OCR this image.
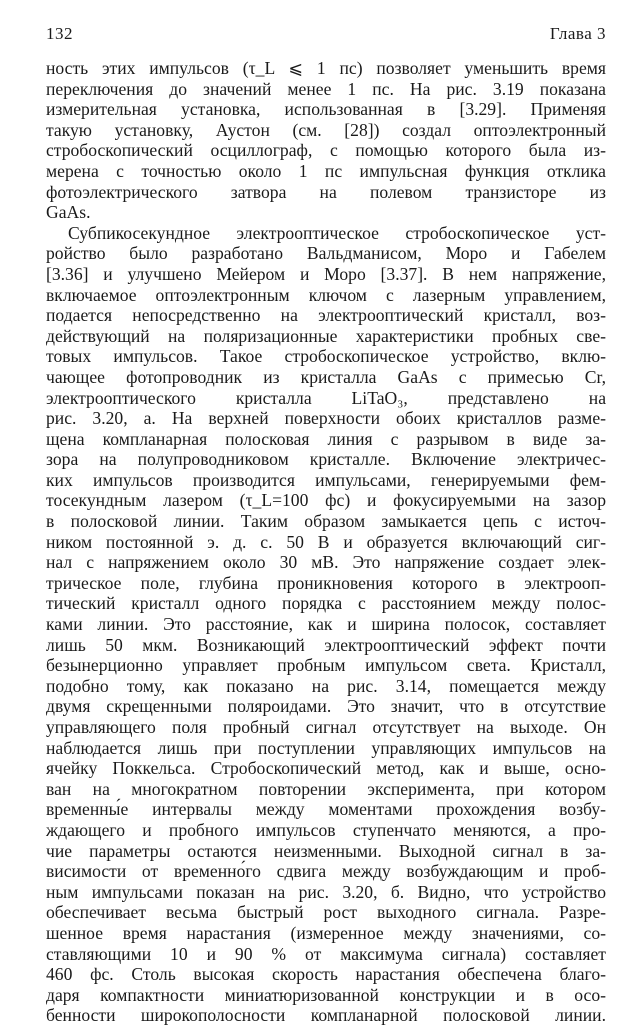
132	Глава 3

ность этих импульсов (τ_L ⩽ 1 пс) позволяет уменьшить время
переключения до значений менее 1 пс. На рис. 3.19 показана
измерительная установка, использованная в [3.29]. Применяя
такую установку, Аустон (см. [28]) создал оптоэлектронный
стробоскопический осциллограф, с помощью которого была из-
мерена с точностью около 1 пс импульсная функция отклика
фотоэлектрического затвора на полевом транзисторе из
GaAs.

Субпикосекундное электрооптическое стробоскопическое уст-
ройство было разработано Вальдманисом, Моро и Габелем
[3.36] и улучшено Мейером и Моро [3.37]. В нем напряжение,
включаемое оптоэлектронным ключом с лазерным управлением,
подается непосредственно на электрооптический кристалл, воз-
действующий на поляризационные характеристики пробных све-
товых импульсов. Такое стробоскопическое устройство, вклю-
чающее фотопроводник из кристалла GaAs с примесью Cr,
электрооптического кристалла LiTaO₃, представлено на
рис. 3.20, а. На верхней поверхности обоих кристаллов разме-
щена компланарная полосковая линия с разрывом в виде за-
зора на полупроводниковом кристалле. Включение электричес-
ких импульсов производится импульсами, генерируемыми фем-
тосекундным лазером (τ_L=100 фс) и фокусируемыми на зазор
в полосковой линии. Таким образом замыкается цепь с источ-
ником постоянной э. д. с. 50 В и образуется включающий сиг-
нал с напряжением около 30 мВ. Это напряжение создает элек-
трическое поле, глубина проникновения которого в электрооп-
тический кристалл одного порядка с расстоянием между полос-
ками линии. Это расстояние, как и ширина полосок, составляет
лишь 50 мкм. Возникающий электрооптический эффект почти
безынерционно управляет пробным импульсом света. Кристалл,
подобно тому, как показано на рис. 3.14, помещается между
двумя скрещенными поляроидами. Это значит, что в отсутствие
управляющего поля пробный сигнал отсутствует на выходе. Он
наблюдается лишь при поступлении управляющих импульсов на
ячейку Поккельса. Стробоскопический метод, как и выше, осно-
ван на многократном повторении эксперимента, при котором
временны́е интервалы между моментами прохождения возбу-
ждающего и пробного импульсов ступенчато меняются, а про-
чие параметры остаются неизменными. Выходной сигнал в за-
висимости от временно́го сдвига между возбуждающим и проб-
ным импульсами показан на рис. 3.20, б. Видно, что устройство
обеспечивает весьма быстрый рост выходного сигнала. Разре-
шенное время нарастания (измеренное между значениями, со-
ставляющими 10 и 90 % от максимума сигнала) составляет
460 фс. Столь высокая скорость нарастания обеспечена благо-
даря компактности миниатюризованной конструкции и в осо-
бенности широкополосности компланарной полосковой линии.
